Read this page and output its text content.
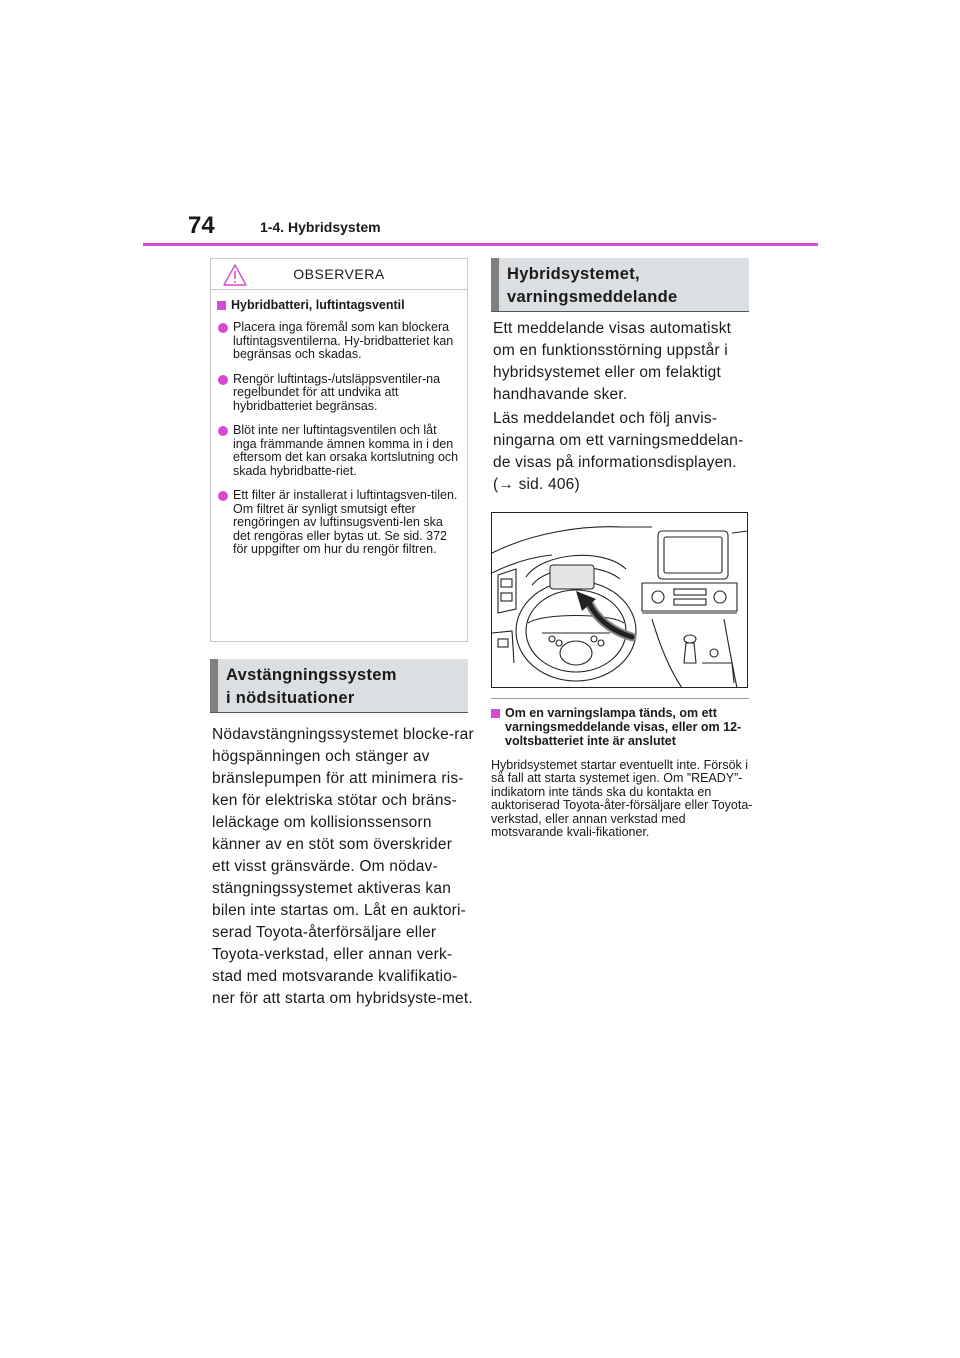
74	1-4. Hybridsystem
OBSERVERA
Hybridbatteri, luftintagsventil
Placera inga föremål som kan blockera luftintagsventilerna. Hy-bridbatteriet kan begränsas och skadas.
Rengör luftintags-/utsläppsventiler-na regelbundet för att undvika att hybridbatteriet begränsas.
Blöt inte ner luftintagsventilen och låt inga främmande ämnen komma in i den eftersom det kan orsaka kortslutning och skada hybridbatte-riet.
Ett filter är installerat i luftintagsven-tilen. Om filtret är synligt smutsigt efter rengöringen av luftinsugsventi-len ska det rengöras eller bytas ut. Se sid. 372 för uppgifter om hur du rengör filtren.
Avstängningssystem
i nödsituationer
Nödavstängningssystemet blocke-rar högspänningen och stänger av bränslepumpen för att minimera ris-ken för elektriska stötar och bräns-leläckage om kollisionssensorn känner av en stöt som överskrider ett visst gränsvärde. Om nödav-stängningssystemet aktiveras kan bilen inte startas om. Låt en auktori-serad Toyota-återförsäljare eller Toyota-verkstad, eller annan verk-stad med motsvarande kvalifikatio-ner för att starta om hybridsyste-met.
Hybridsystemet,
varningsmeddelande
Ett meddelande visas automatiskt om en funktionsstörning uppstår i hybridsystemet eller om felaktigt handhavande sker.
Läs meddelandet och följ anvis-ningarna om ett varningsmeddelan-de visas på informationsdisplayen.
(→ sid. 406)
Om en varningslampa tänds, om ett varningsmeddelande visas, eller om 12-voltsbatteriet inte är anslutet
Hybridsystemet startar eventuellt inte. Försök i så fall att starta systemet igen. Om ”READY”-indikatorn inte tänds ska du kontakta en auktoriserad Toyota-åter-försäljare eller Toyota-verkstad, eller annan verkstad med motsvarande kvali-fikationer.
